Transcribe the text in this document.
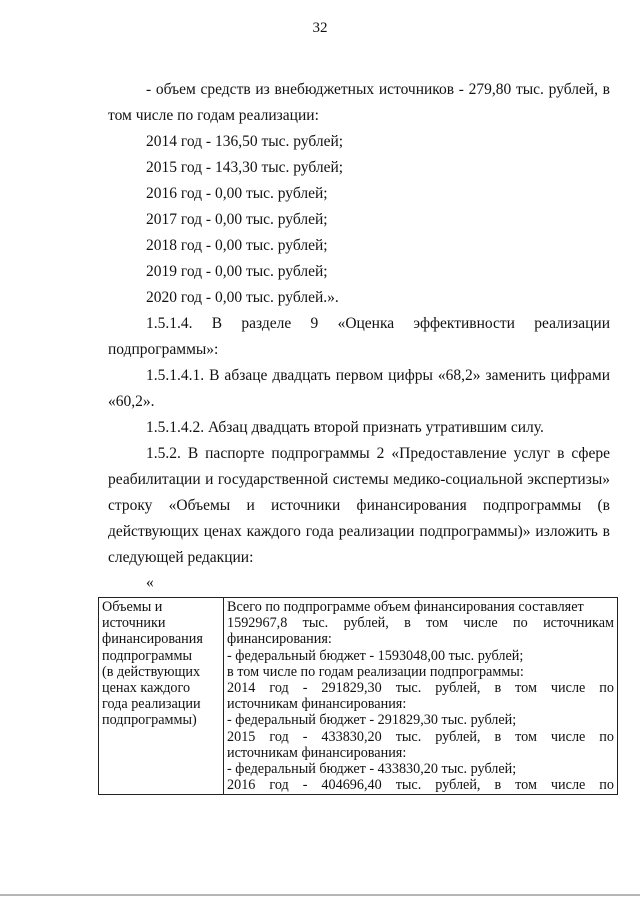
32
- объем средств из внебюджетных источников - 279,80 тыс. рублей, в
том числе по годам реализации:
2014 год - 136,50 тыс. рублей;
2015 год - 143,30 тыс. рублей;
2016 год - 0,00 тыс. рублей;
2017 год - 0,00 тыс. рублей;
2018 год - 0,00 тыс. рублей;
2019 год - 0,00 тыс. рублей;
2020 год - 0,00 тыс. рублей.».
1.5.1.4. В разделе 9 «Оценка эффективности реализации
подпрограммы»:
1.5.1.4.1. В абзаце двадцать первом цифры «68,2» заменить цифрами
«60,2».
1.5.1.4.2. Абзац двадцать второй признать утратившим силу.
1.5.2. В паспорте подпрограммы 2 «Предоставление услуг в сфере
реабилитации и государственной системы медико-социальной экспертизы»
строку «Объемы и источники финансирования подпрограммы (в
действующих ценах каждого года реализации подпрограммы)» изложить в
следующей редакции:
«
Объемы и
источники
финансирования
подпрограммы
(в действующих
ценах каждого
года реализации
подпрограммы)

Всего по подпрограмме объем финансирования составляет
1592967,8 тыс. рублей, в том числе по источникам
финансирования:
- федеральный бюджет - 1593048,00 тыс. рублей;
в том числе по годам реализации подпрограммы:
2014 год - 291829,30 тыс. рублей, в том числе по
источникам финансирования:
- федеральный бюджет - 291829,30 тыс. рублей;
2015 год - 433830,20 тыс. рублей, в том числе по
источникам финансирования:
- федеральный бюджет - 433830,20 тыс. рублей;
2016 год - 404696,40 тыс. рублей, в том числе по
